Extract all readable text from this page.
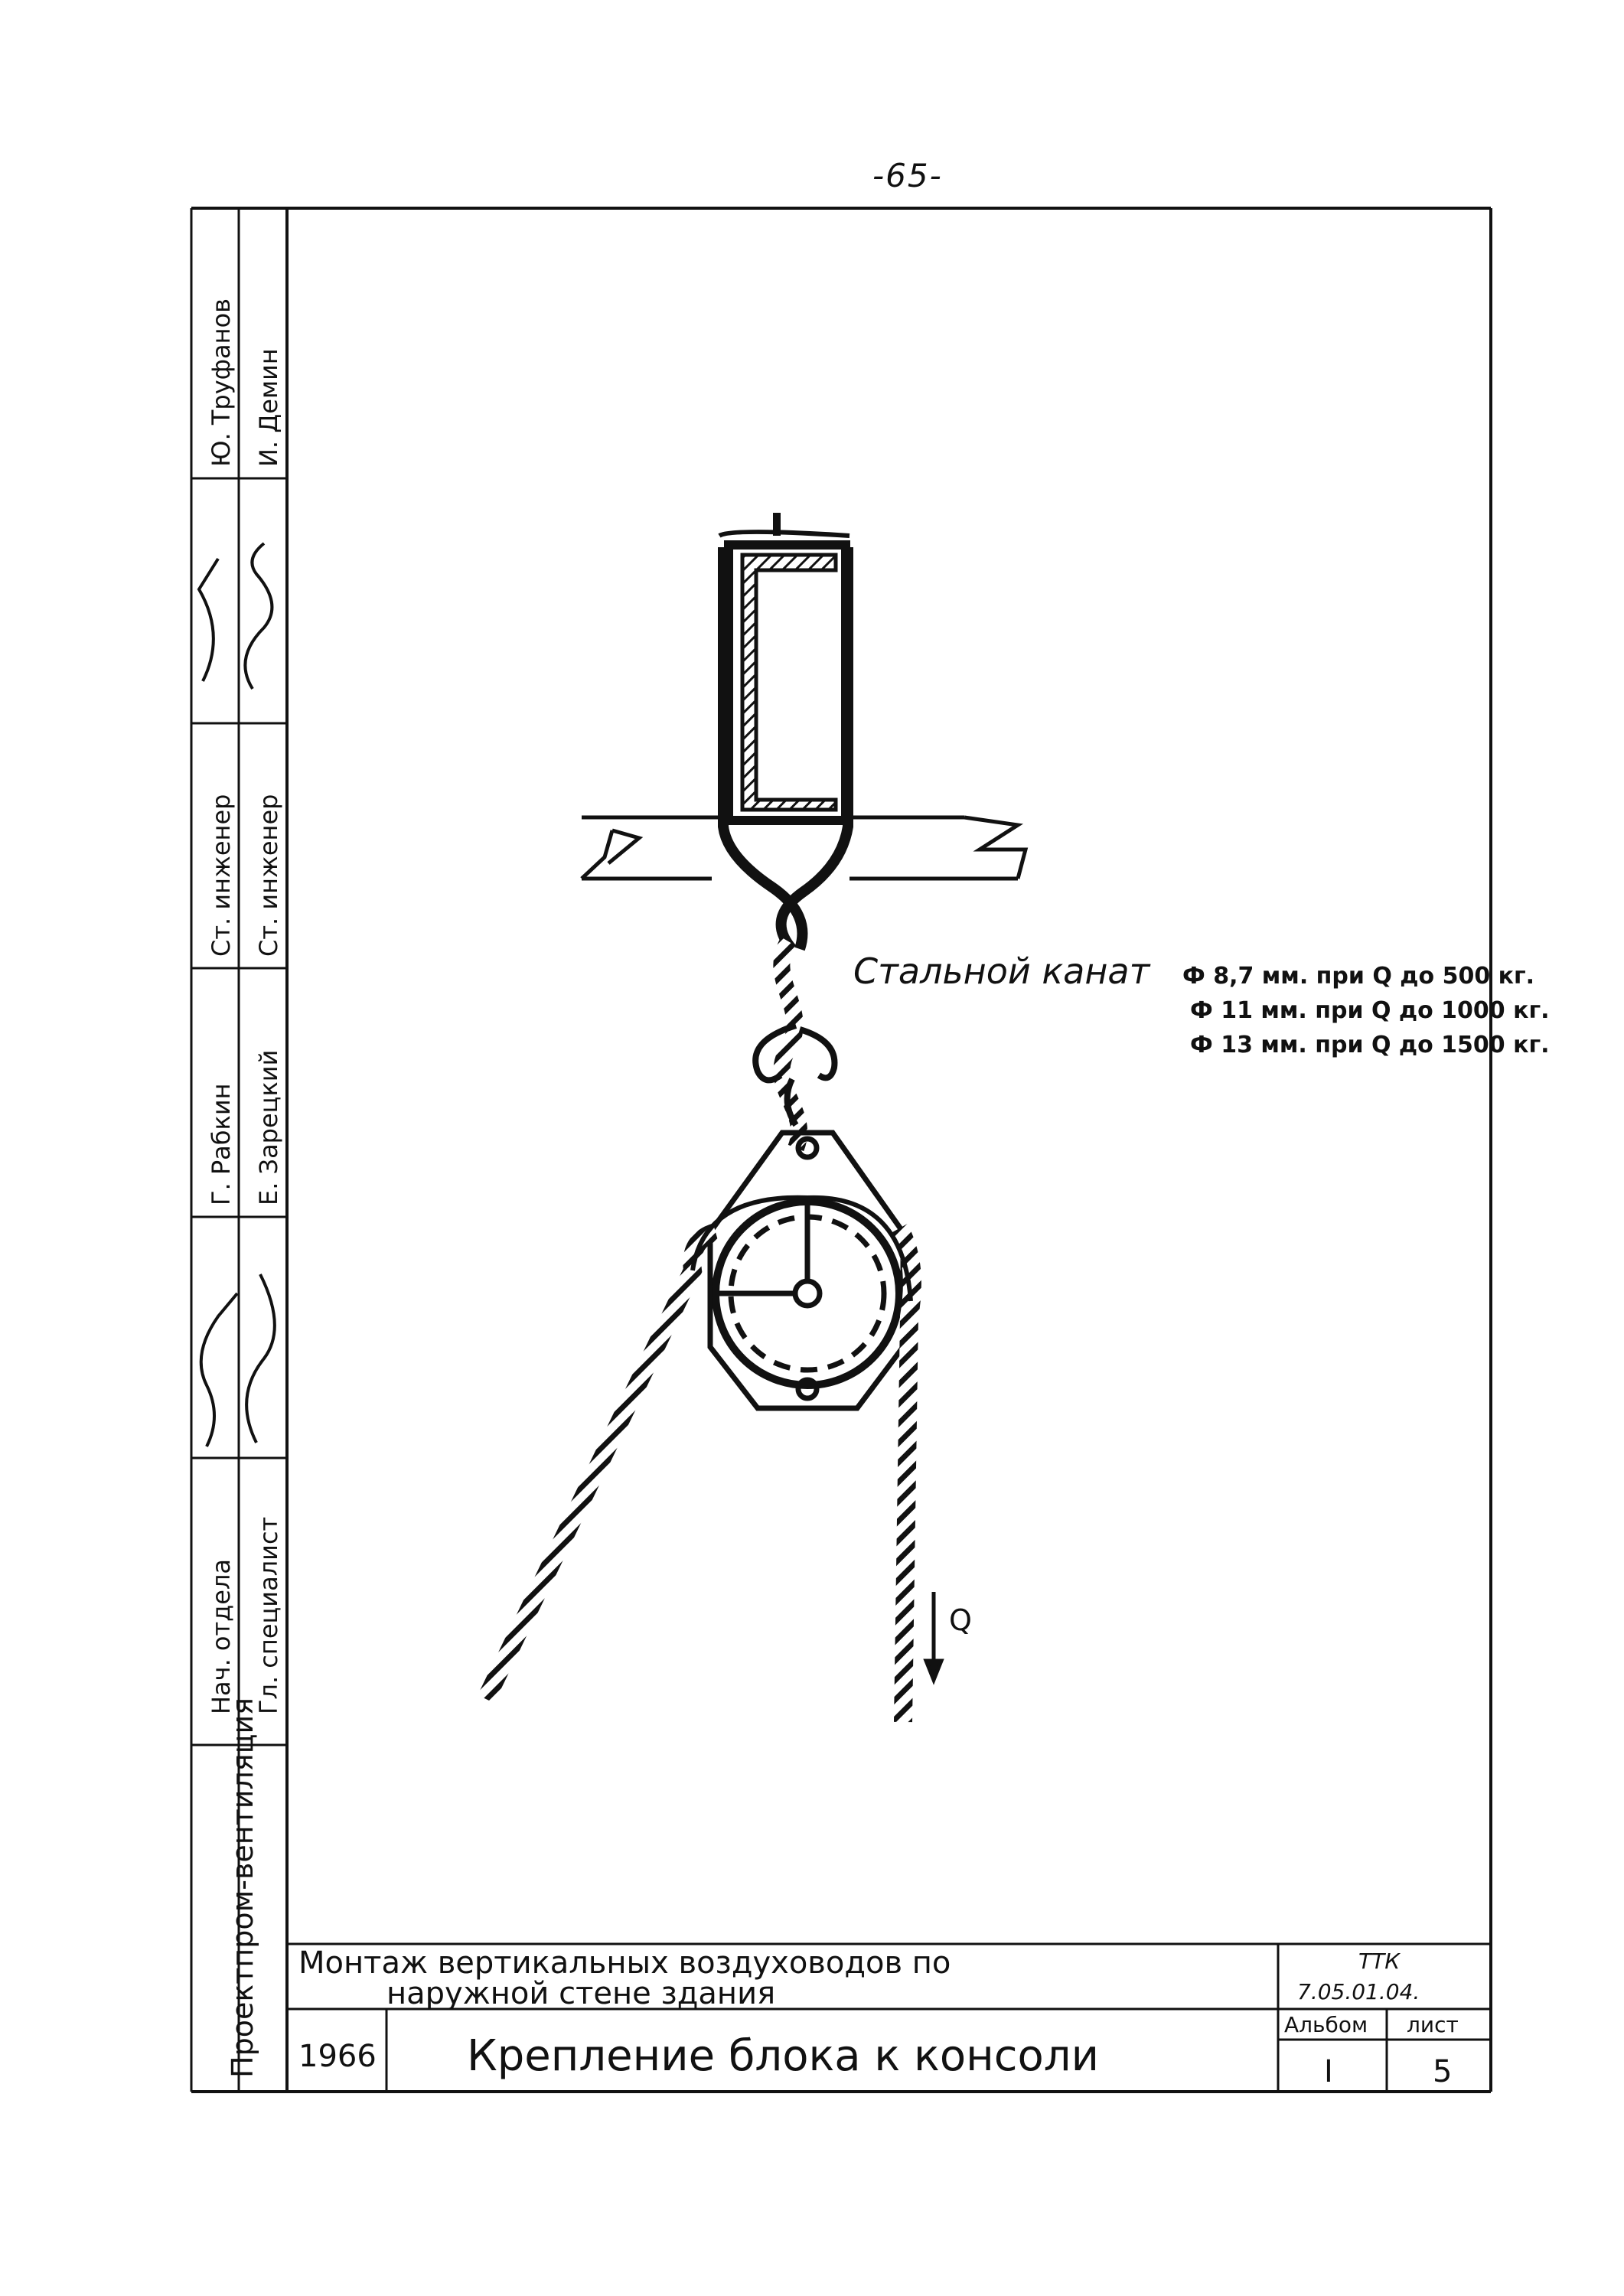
-65-
Гл. специалист
Е. Зарецкий
Нач. отдела
Г. Рабкин
Ст. инженер
И. Демин
Ст. инженер
Ю. Труфанов
Проектпром-вентиляция Монтаж вертикальных воздуховодов по
наружной стене здания
1966 Крепление блока к консоли
ТТК
7.05.01.04.
Альбом
I
лист
5
Q
Стальной канат Ф 8,7 мм. при Q до 500 кг.
Ф 11 мм. при Q до 1000 кг.
Ф 13 мм. при Q до 1500 кг.
